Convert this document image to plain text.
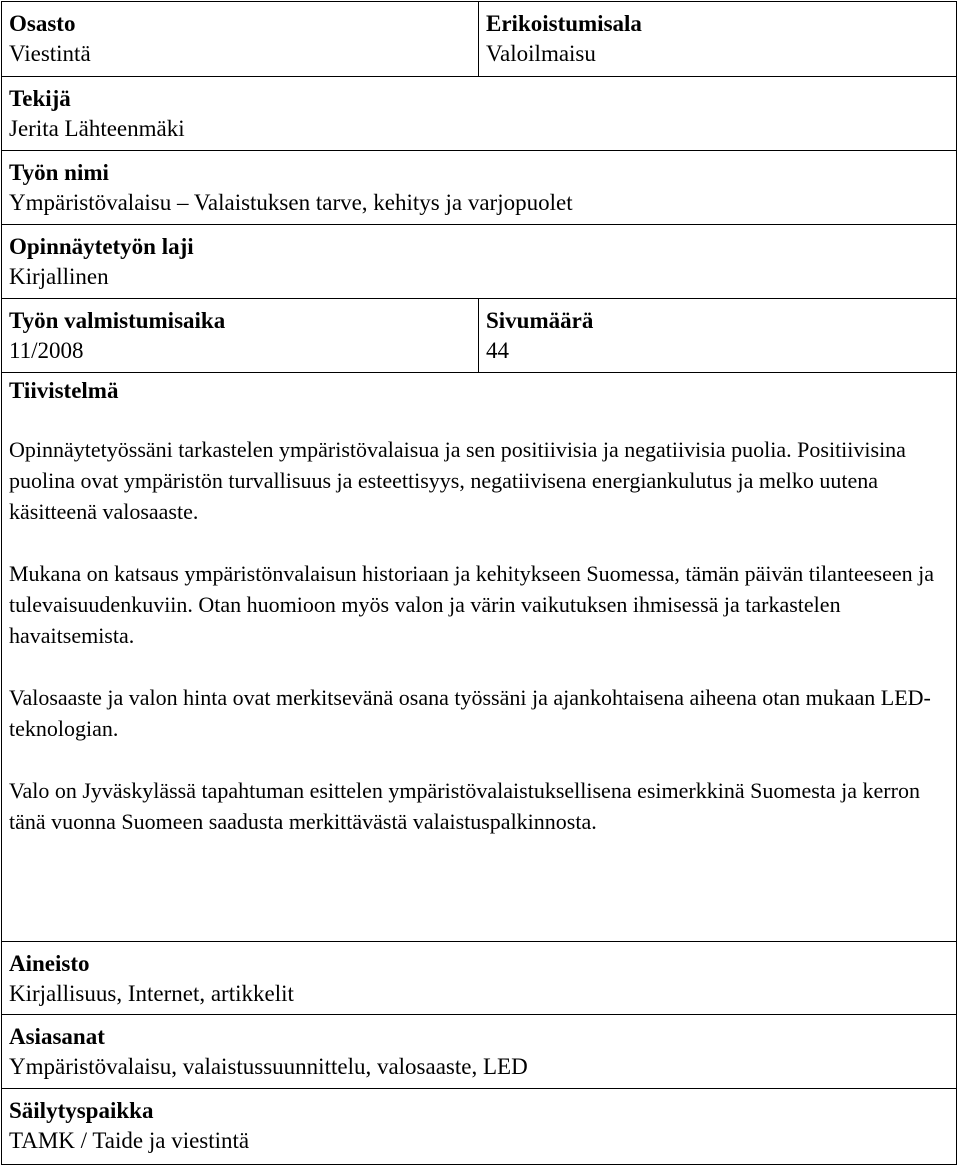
Osasto
Viestintä
Erikoistumisala
Valoilmaisu
Tekijä
Jerita Lähteenmäki
Työn nimi
Ympäristövalaisu – Valaistuksen tarve, kehitys ja varjopuolet
Opinnäytetyön laji
Kirjallinen
Työn valmistumisaika
11/2008
Sivumäärä
44
Tiivistelmä

Opinnäytetyössäni tarkastelen ympäristövalaisua ja sen positiivisia ja negatiivisia puolia. Positiivisina puolina ovat ympäristön turvallisuus ja esteettisyys, negatiivisena energiankulutus ja melko uutena käsitteenä valosaaste.

Mukana on katsaus ympäristönvalaisun historiaan ja kehitykseen Suomessa, tämän päivän tilanteeseen ja tulevaisuudenkuviin. Otan huomioon myös valon ja värin vaikutuksen ihmisessä ja tarkastelen havaitsemista.

Valosaaste ja valon hinta ovat merkitsevänä osana työssäni ja ajankohtaisena aiheena otan mukaan LED-teknologian.

Valo on Jyväskylässä tapahtuman esittelen ympäristövalaistuksellisena esimerkkinä Suomesta ja kerron tänä vuonna Suomeen saadusta merkittävästä valaistuspalkinnosta.

Aineisto
Kirjallisuus, Internet, artikkelit
Asiasanat
Ympäristövalaisu, valaistussuunnittelu, valosaaste, LED
Säilytyspaikka
TAMK / Taide ja viestintä
